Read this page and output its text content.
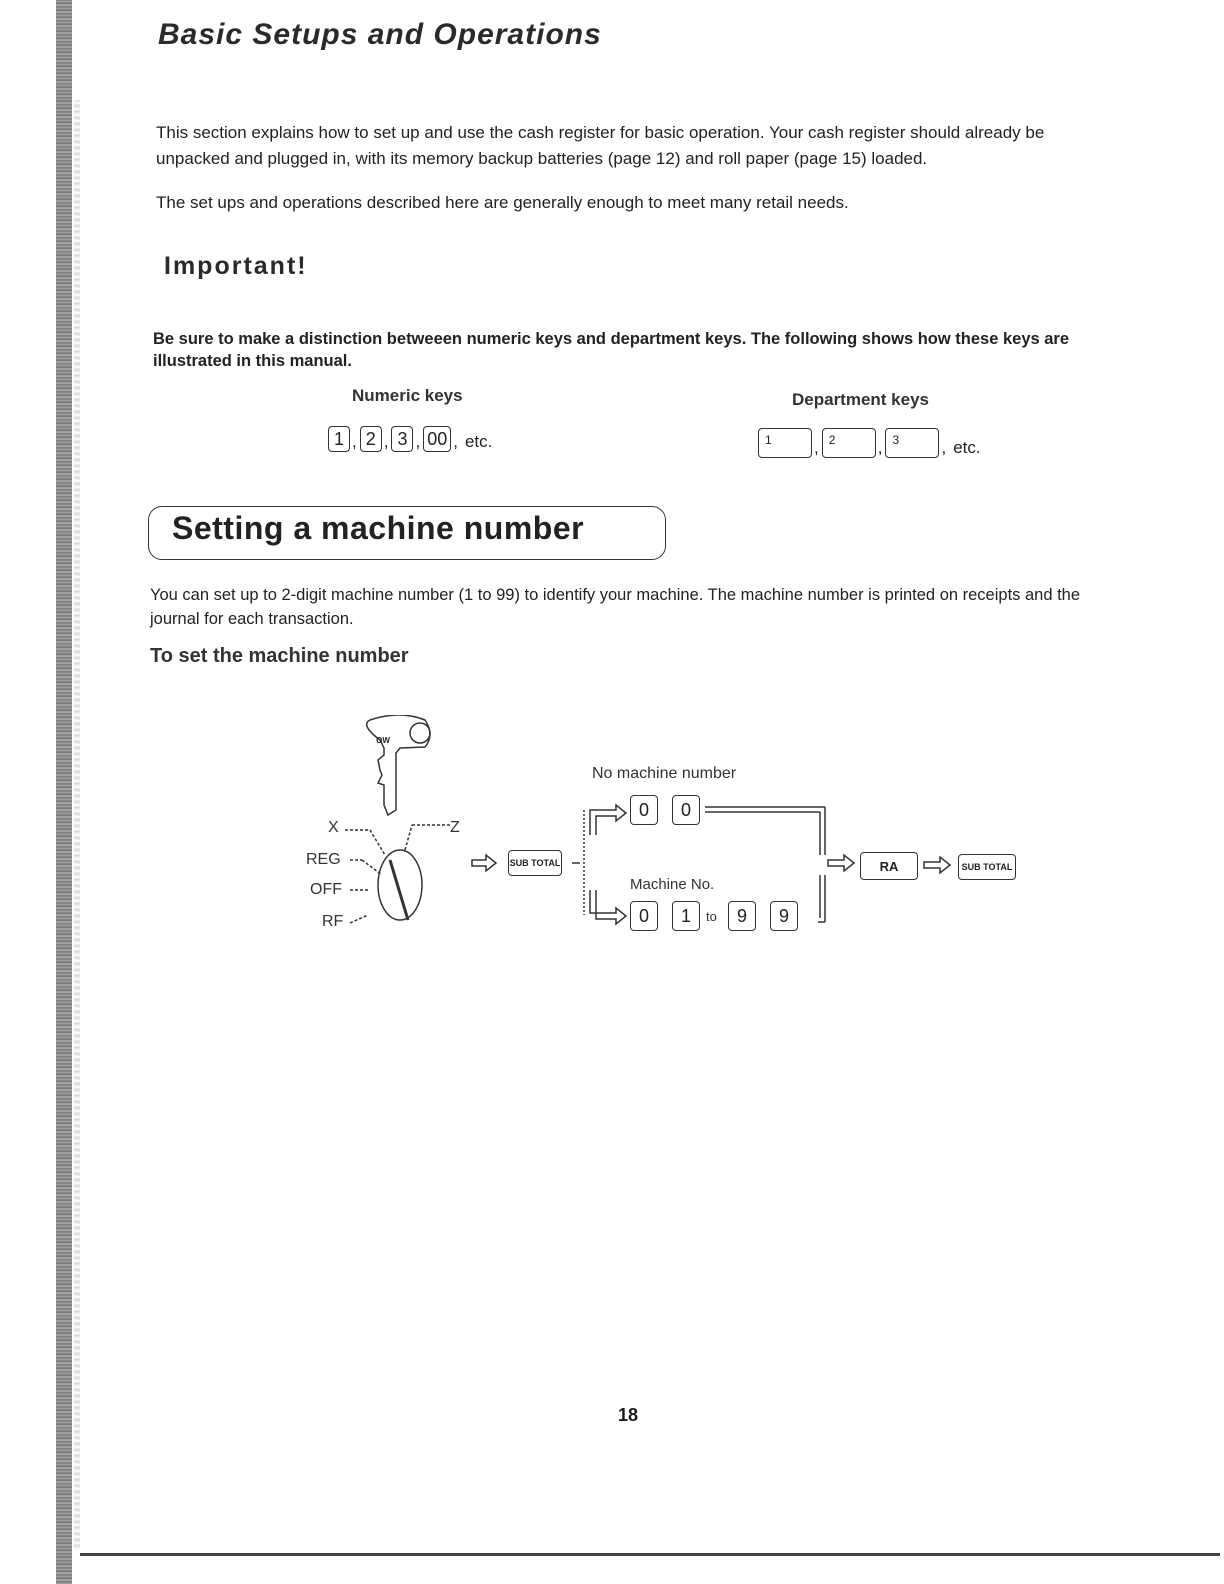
Basic Setups and Operations
This section explains how to set up and use the cash register for basic operation. Your cash register should already be unpacked and plugged in, with its memory backup batteries (page 12) and roll paper (page 15) loaded.
The set ups and operations described here are generally enough to meet many retail needs.
Important!
Be sure to make a distinction betweeen numeric keys and department keys. The following shows how these keys are illustrated in this manual.
Numeric keys
1 , 2 , 3 , 00 , etc.
Department keys
1	, 2	, 3	, etc.
Setting a machine number
You can set up to 2-digit machine number (1 to 99) to identify your machine. The machine number is printed on receipts and the journal for each transaction.
To set the machine number
OW
X	Z
REG
OFF
RF
SUB TOTAL
No machine number
0	0
Machine No.
0	1	to	9	9
RA	SUB TOTAL
18
